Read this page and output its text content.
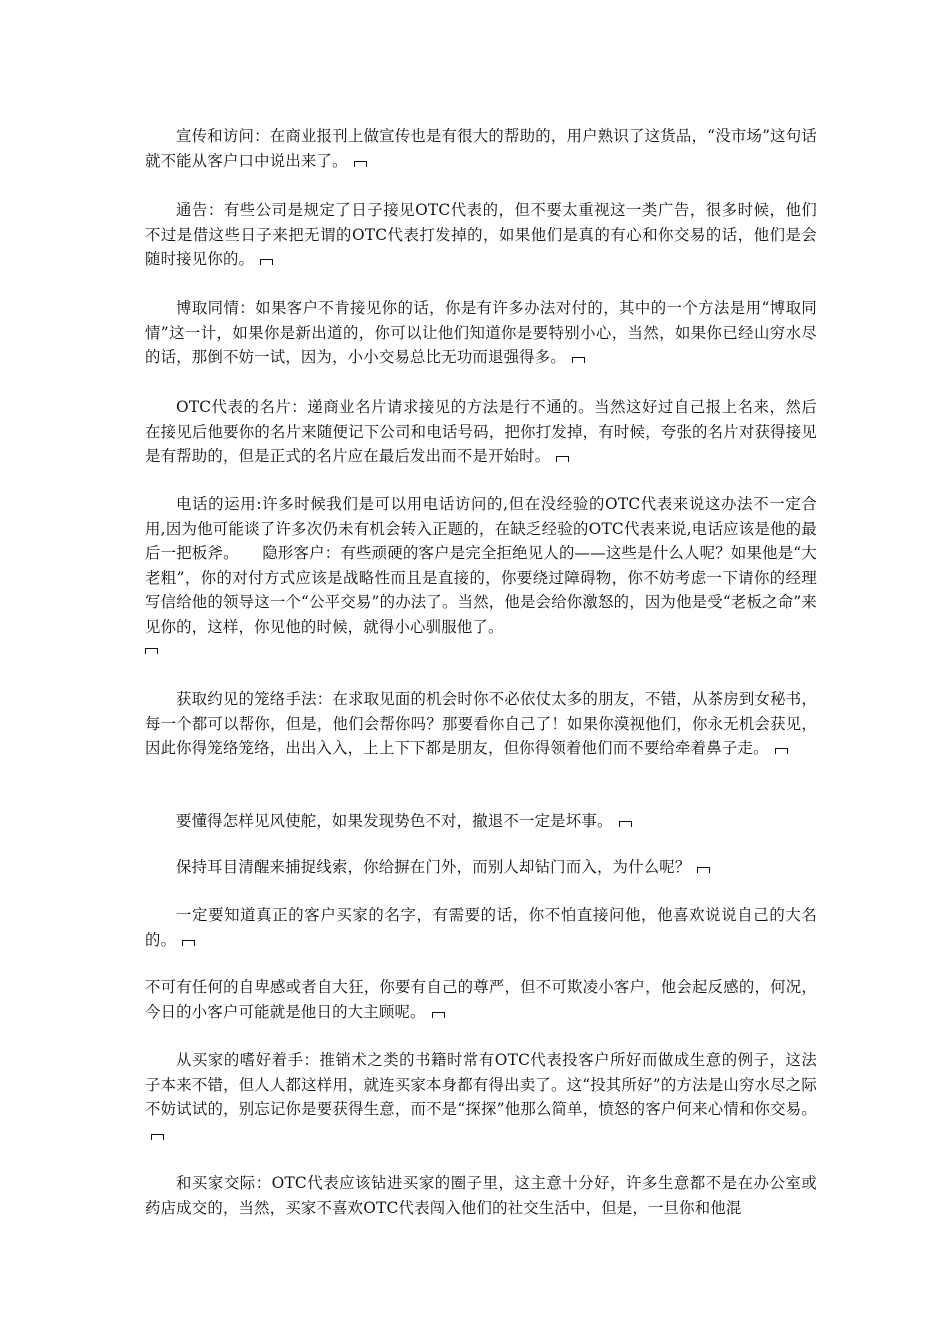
宣传和访问：在商业报刊上做宣传也是有很大的帮助的，用户熟识了这货品，“没市场”这句话就不能从客户口中说出来了。

通告：有些公司是规定了日子接见OTC代表的，但不要太重视这一类广告，很多时候，他们不过是借这些日子来把无谓的OTC代表打发掉的，如果他们是真的有心和你交易的话，他们是会随时接见你的。

博取同情：如果客户不肯接见你的话，你是有许多办法对付的，其中的一个方法是用“博取同情”这一计，如果你是新出道的，你可以让他们知道你是要特别小心，当然，如果你已经山穷水尽的话，那倒不妨一试，因为，小小交易总比无功而退强得多。

OTC代表的名片：递商业名片请求接见的方法是行不通的。当然这好过自己报上名来，然后在接见后他要你的名片来随便记下公司和电话号码，把你打发掉，有时候，夸张的名片对获得接见是有帮助的，但是正式的名片应在最后发出而不是开始时。

电话的运用:许多时候我们是可以用电话访问的,但在没经验的OTC代表来说这办法不一定合用,因为他可能谈了许多次仍未有机会转入正题的，在缺乏经验的OTC代表来说,电话应该是他的最后一把板斧。　　隐形客户：有些顽硬的客户是完全拒绝见人的——这些是什么人呢？如果他是“大老粗”，你的对付方式应该是战略性而且是直接的，你要绕过障碍物，你不妨考虑一下请你的经理写信给他的领导这一个“公平交易”的办法了。当然，他是会给你激怒的，因为他是受“老板之命”来见你的，这样，你见他的时候，就得小心驯服他了。

获取约见的笼络手法：在求取见面的机会时你不必依仗太多的朋友，不错，从茶房到女秘书，每一个都可以帮你，但是，他们会帮你吗？那要看你自己了！如果你漠视他们，你永无机会获见，因此你得笼络笼络，出出入入，上上下下都是朋友，但你得领着他们而不要给牵着鼻子走。

要懂得怎样见风使舵，如果发现势色不对，撤退不一定是坏事。

保持耳目清醒来捕捉线索，你给摒在门外，而别人却钻门而入，为什么呢？

一定要知道真正的客户买家的名字，有需要的话，你不怕直接问他，他喜欢说说自己的大名的。

不可有任何的自卑感或者自大狂，你要有自己的尊严，但不可欺凌小客户，他会起反感的，何况，今日的小客户可能就是他日的大主顾呢。

从买家的嗜好着手：推销术之类的书籍时常有OTC代表投客户所好而做成生意的例子，这法子本来不错，但人人都这样用，就连买家本身都有得出卖了。这“投其所好”的方法是山穷水尽之际不妨试试的，别忘记你是要获得生意，而不是“探探”他那么简单，愤怒的客户何来心情和你交易。

和买家交际：OTC代表应该钻进买家的圈子里，这主意十分好，许多生意都不是在办公室或药店成交的，当然，买家不喜欢OTC代表闯入他们的社交生活中，但是，一旦你和他混
